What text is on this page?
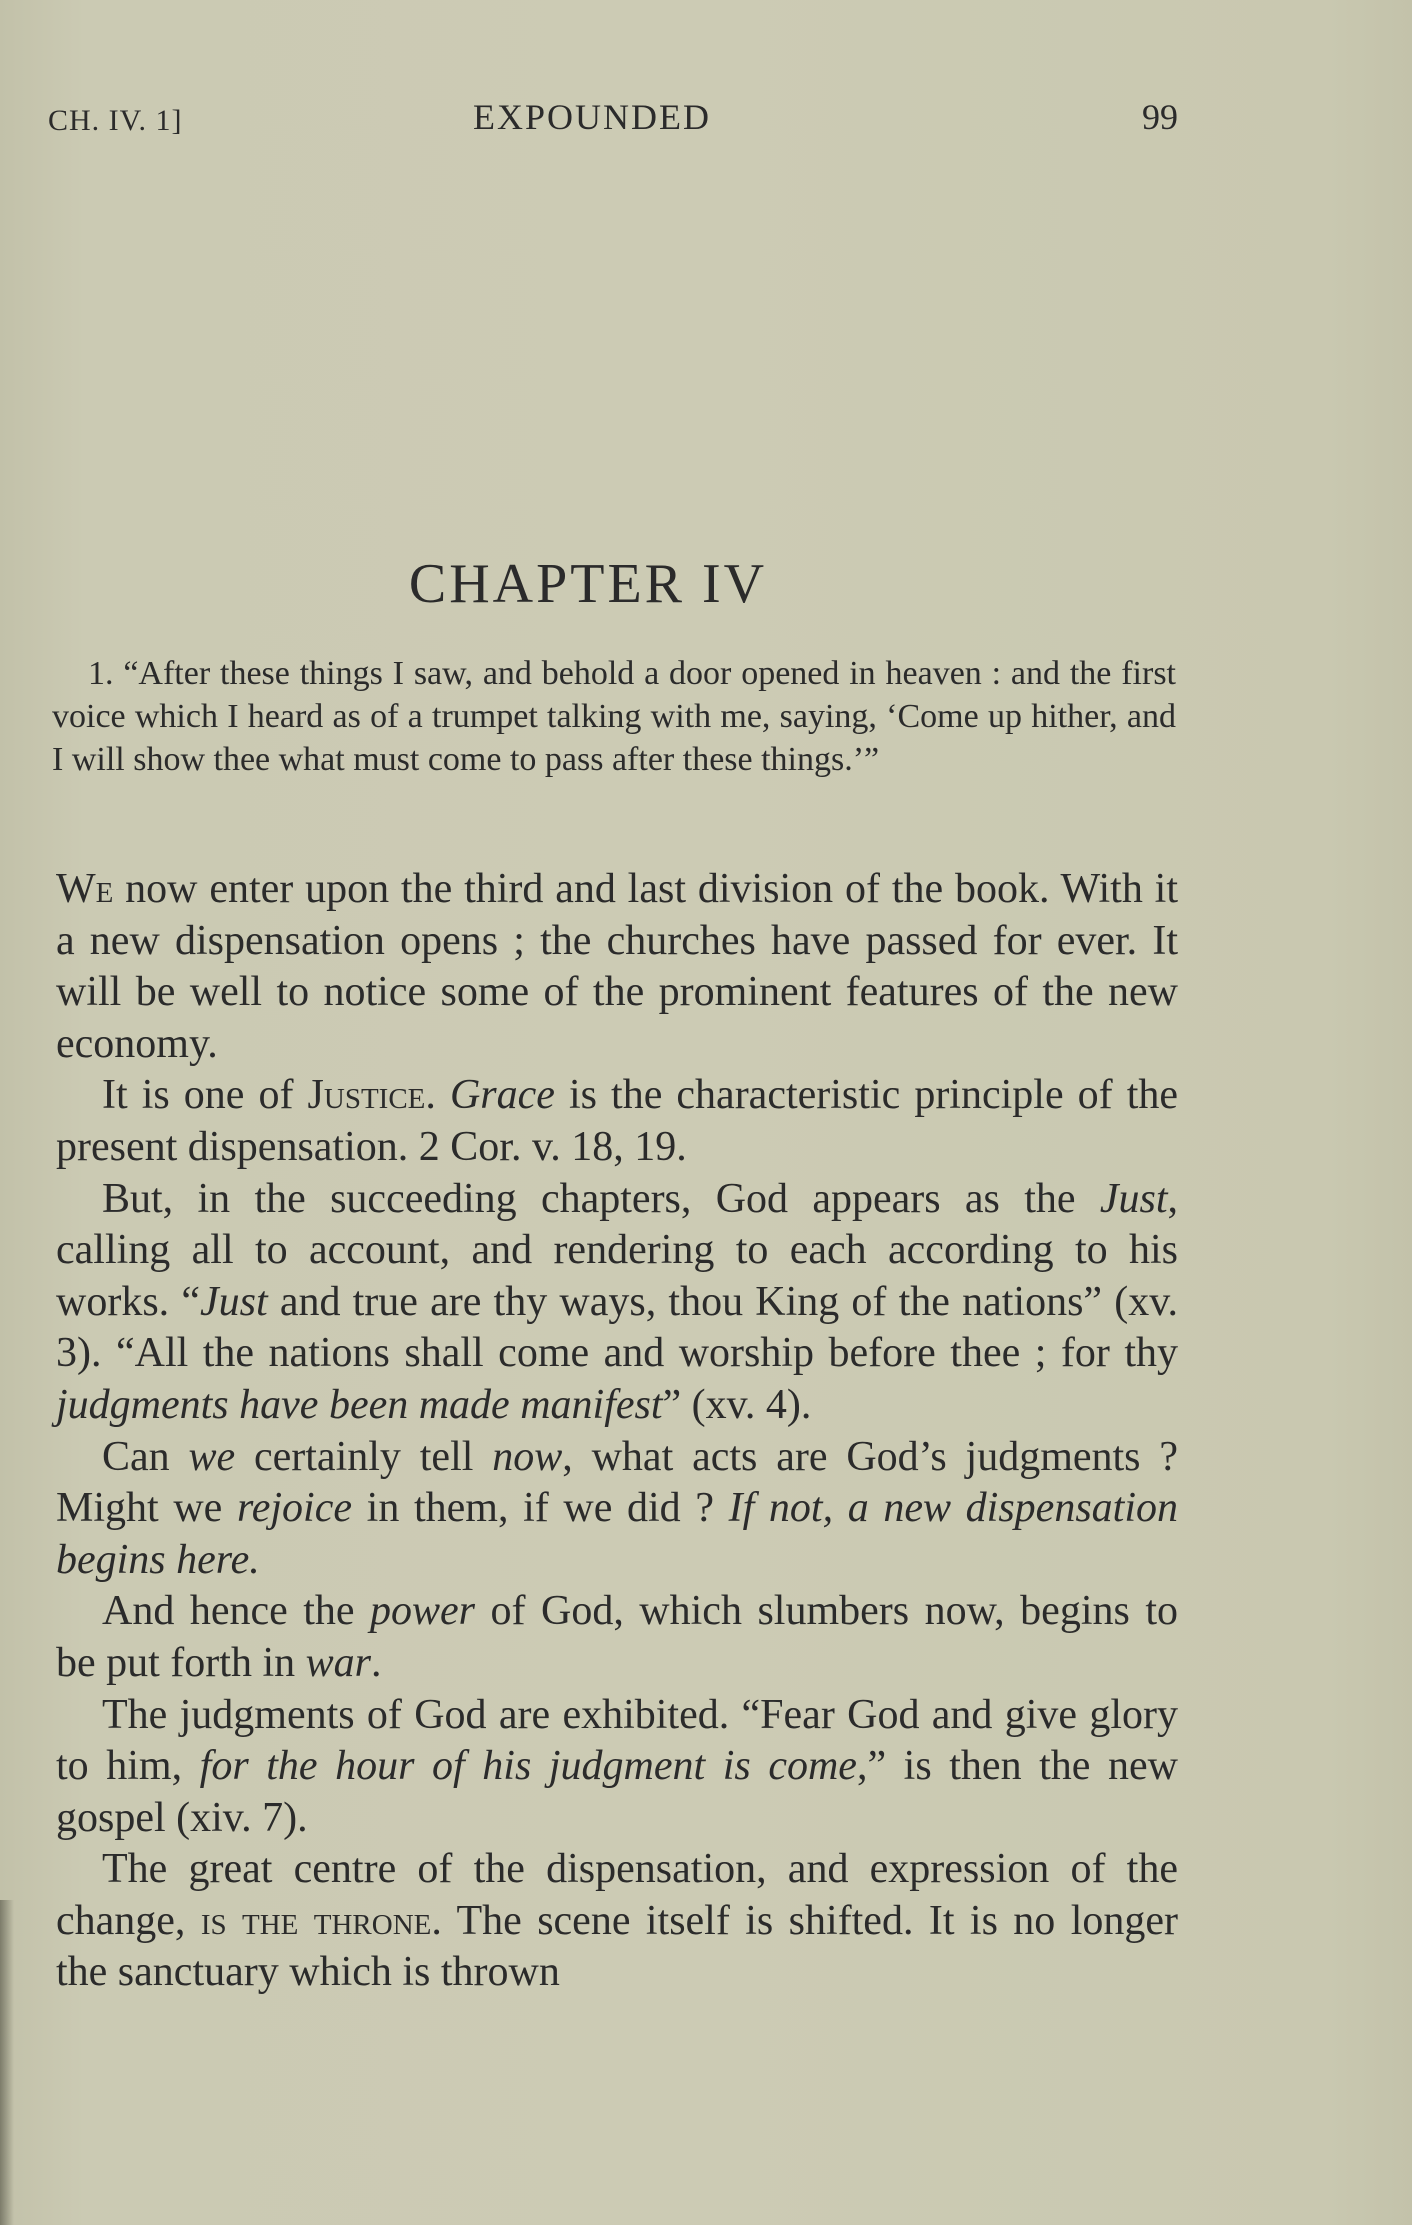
CH. IV. 1]	EXPOUNDED	99
CHAPTER IV

1. “After these things I saw, and behold a door opened in heaven : and the first voice which I heard as of a trumpet talking with me, saying, ‘Come up hither, and I will show thee what must come to pass after these things.’”

We now enter upon the third and last division of the book. With it a new dispensation opens ; the churches have passed for ever. It will be well to notice some of the prominent features of the new economy.

It is one of Justice. Grace is the characteristic principle of the present dispensation. 2 Cor. v. 18, 19.

But, in the succeeding chapters, God appears as the Just, calling all to account, and rendering to each according to his works. “Just and true are thy ways, thou King of the nations” (xv. 3). “All the nations shall come and worship before thee ; for thy judgments have been made manifest” (xv. 4).

Can we certainly tell now, what acts are God’s judgments ? Might we rejoice in them, if we did ? If not, a new dispensation begins here.

And hence the power of God, which slumbers now, begins to be put forth in war.

The judgments of God are exhibited. “Fear God and give glory to him, for the hour of his judgment is come,” is then the new gospel (xiv. 7).

The great centre of the dispensation, and expression of the change, is the throne. The scene itself is shifted. It is no longer the sanctuary which is thrown
